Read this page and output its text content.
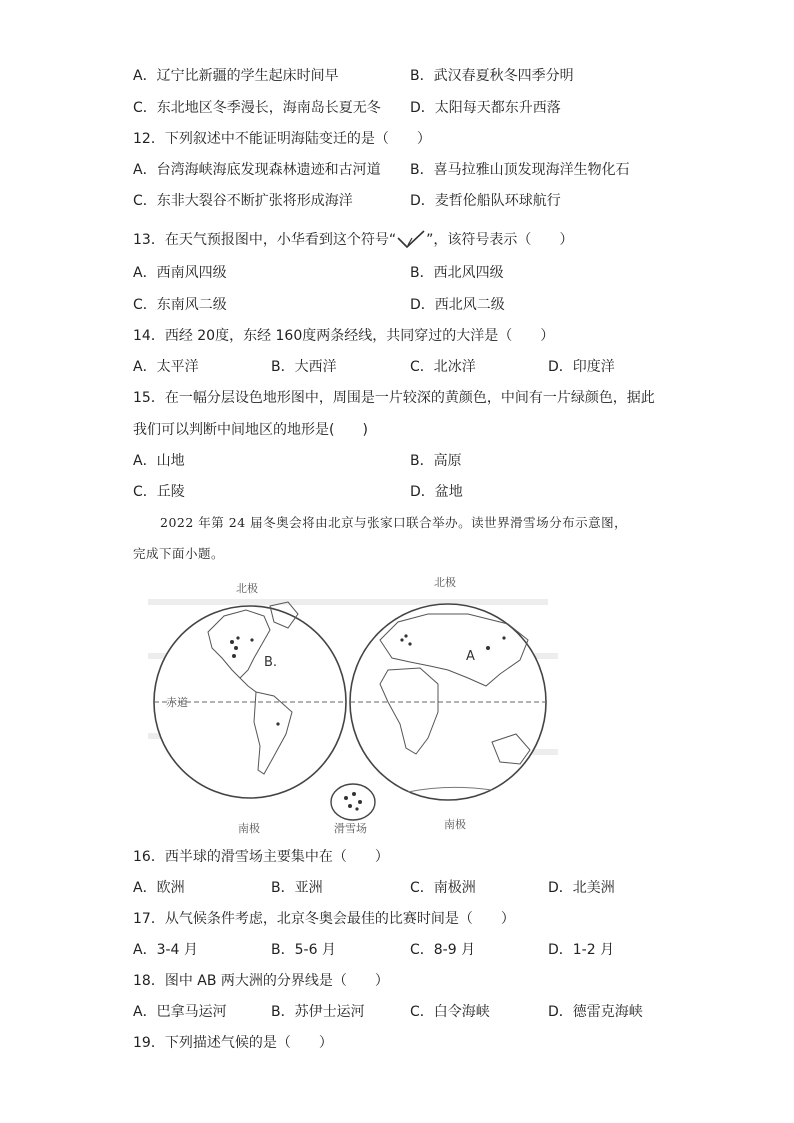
A．辽宁比新疆的学生起床时间早	B．武汉春夏秋冬四季分明
C．东北地区冬季漫长，海南岛长夏无冬 D．太阳每天都东升西落
12．下列叙述中不能证明海陆变迁的是（　　）
A．台湾海峡海底发现森林遗迹和古河道 B．喜马拉雅山顶发现海洋生物化石
C．东非大裂谷不断扩张将形成海洋	D．麦哲伦船队环球航行
13．在天气预报图中，小华看到这个符号“ ”，该符号表示（　　）
A．西南风四级	B．西北风四级
C．东南风二级	D．西北风二级
14．西经 20度，东经 160度两条经线，共同穿过的大洋是（　　）
A．太平洋	B．大西洋	C．北冰洋	D．印度洋
15．在一幅分层设色地形图中，周围是一片较深的黄颜色，中间有一片绿颜色，据此
我们可以判断中间地区的地形是(　　)
A．山地	B．高原
C．丘陵	D．盆地
2022 年第 24 届冬奥会将由北京与张家口联合举办。读世界滑雪场分布示意图，
完成下面小题。
北极	北极
赤道
南极	南极
滑雪场
B.	A
16．西半球的滑雪场主要集中在（　　）
A．欧洲	B．亚洲	C．南极洲	D．北美洲
17．从气候条件考虑，北京冬奥会最佳的比赛时间是（　　）
A．3-4 月	B．5-6 月	C．8-9 月	D．1-2 月
18．图中 AB 两大洲的分界线是（　　）
A．巴拿马运河	B．苏伊士运河	C．白令海峡	D．德雷克海峡
19．下列描述气候的是（　　）
